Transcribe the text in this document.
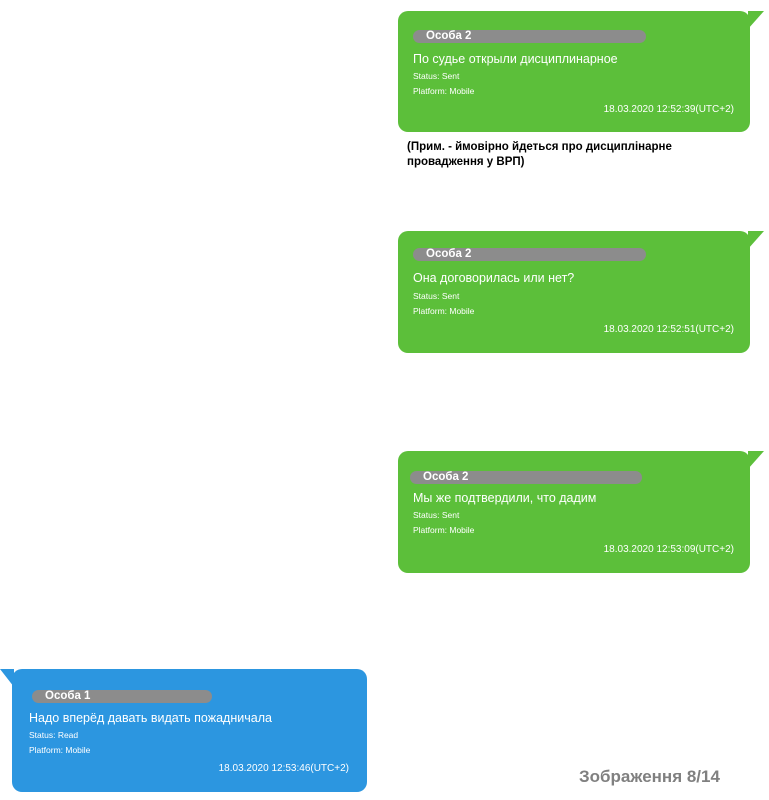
Особа 2
По судье открыли дисциплинарное
Status: Sent
Platform: Mobile
18.03.2020 12:52:39(UTC+2)
(Прим. - ймовірно йдеться про дисциплінарне
провадження у ВРП)
Особа 2
Она договорилась или нет?
Status: Sent
Platform: Mobile
18.03.2020 12:52:51(UTC+2)
Особа 2
Мы же подтвердили, что дадим
Status: Sent
Platform: Mobile
18.03.2020 12:53:09(UTC+2)
Особа 1
Надо вперёд давать видать пожадничала
Status: Read
Platform: Mobile
18.03.2020 12:53:46(UTC+2)	Зображення 8/14
